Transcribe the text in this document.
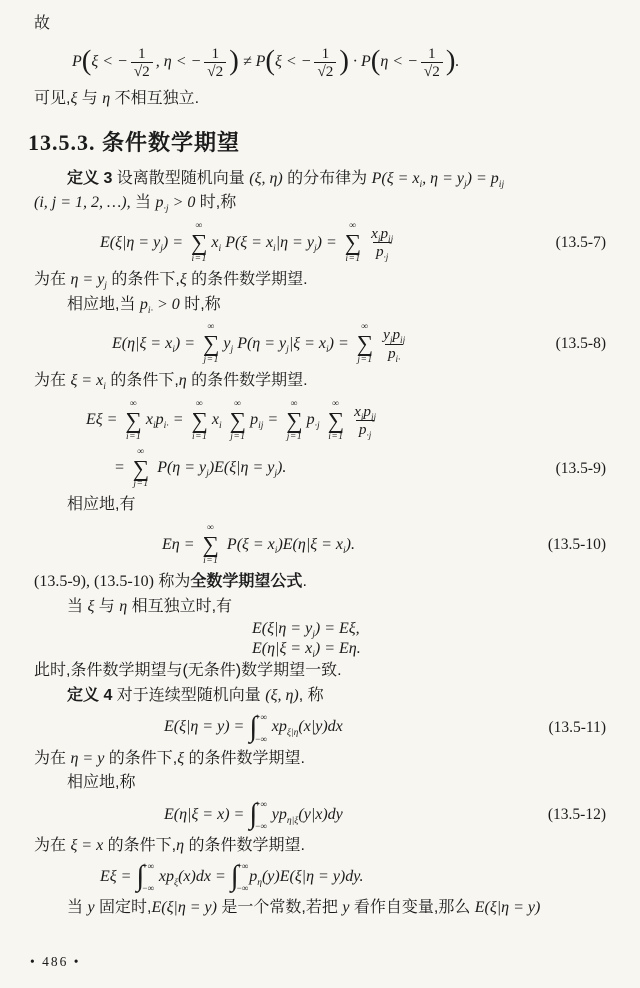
故
P(ξ < − $\frac{1}{√2}$ , η < − $\frac{1}{√2}$ ) ≠ P(ξ < − $\frac{1}{√2}$ ) · P(η < − $\frac{1}{√2}$ ).
可见,ξ 与 η 不相互独立.
13.5.3. 条件数学期望
定义 3 设离散型随机向量 (ξ, η) 的分布律为 $P(\xi = x_i$, $\eta = y_j) = p_{ij}$
(i, j = 1, 2, …), 当 $p_{\cdot j} > 0$ 时,称
$E(\xi|\eta = y_j)$ =
∞
∑
i=1
$x_i$ $P(\xi = x_i|\eta = y_j)$ =
∞
∑
$i=1 \frac{x_ip_{ij}}{p_{\cdot j}}$	(13.5-7)
为在 $\eta = y_j$ 的条件下,ξ 的条件数学期望.
相应地,当 $p_{i\cdot} > 0$ 时,称
$E(\eta|\xi = x_i)$ =
∞
∑
j=1
$y_j$ $P(\eta = y_j|\xi = x_i)$ =
∞
∑
$j=1 \frac{y_jp_{ij}}{p_{i\cdot}}$	(13.5-8)
为在 $\xi = x_i$ 的条件下,η 的条件数学期望.
Eξ =
∞
∑
i=1
$x_ip_{i\cdot}$ =
∞
∑
i=1
$x_i$
∞
∑
j=1
$p_{ij}$ =
∞
∑
j=1
$p_{\cdot j}$
∞
∑
$i=1 \frac{x_ip_{ij}}{p_{\cdot j}}$
=
∞
∑
j=1
$P(\eta = y_j)E(\xi|\eta = y_j)$.	(13.5-9)
相应地,有
Eη =
∞
∑
i=1
$P(\xi = x_i)E(\eta|\xi = x_i)$.	(13.5-10)
(13.5-9), (13.5-10) 称为全数学期望公式.
当 ξ 与 η 相互独立时,有
$E(\xi|\eta = y_j) = E\xi$,
$E(\eta|\xi = x_i) = E\eta$.
此时,条件数学期望与(无条件)数学期望一致.
定义 4 对于连续型随机向量 (ξ, η), 称
E(ξ|η = y) = ∫
+∞
−∞
$xp_{\xi|\eta}(x|y)dx$	(13.5-11)
为在 η = y 的条件下,ξ 的条件数学期望.
相应地,称
E(η|ξ = x) = ∫
+∞
−∞
$yp_{\eta|\xi}(y|x)dy$	(13.5-12)
为在 ξ = x 的条件下,η 的条件数学期望.
Eξ = ∫
+∞
−∞
$xp_\xi(x)dx$ = ∫
+∞
−∞
$p_\eta(y)E(\xi|\eta = y)dy$.
当 y 固定时,E(ξ|η = y) 是一个常数,若把 y 看作自变量,那么 E(ξ|η = y)
• 486 •
